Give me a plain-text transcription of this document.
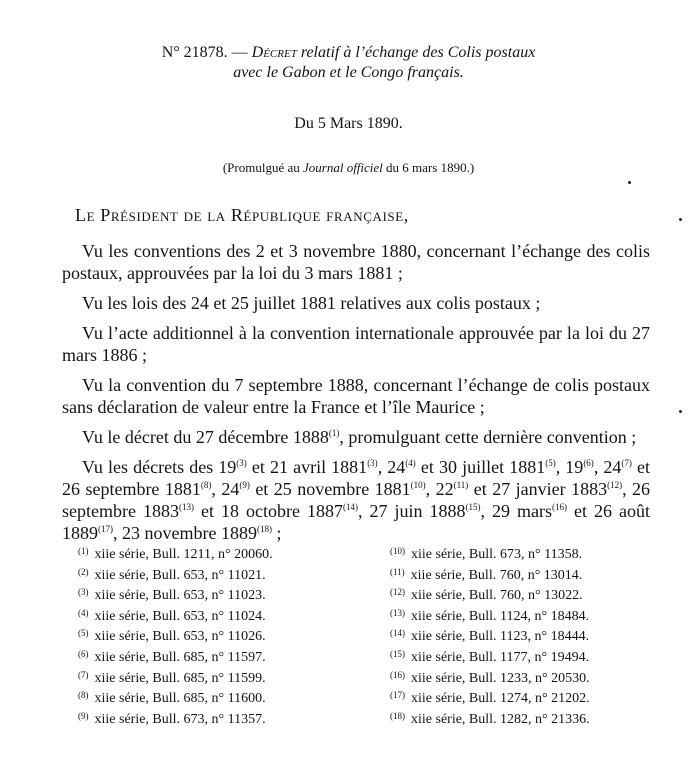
N° 21878. — Décret relatif à l’échange des Colis postaux
avec le Gabon et le Congo français.
Du 5 Mars 1890.
(Promulgué au Journal officiel du 6 mars 1890.)
Le Président de la République française,

Vu les conventions des 2 et 3 novembre 1880, concernant l’échange des colis postaux, approuvées par la loi du 3 mars 1881 ;

Vu les lois des 24 et 25 juillet 1881 relatives aux colis postaux ;

Vu l’acte additionnel à la convention internationale approuvée par la loi du 27 mars 1886 ;

Vu la convention du 7 septembre 1888, concernant l’échange de colis postaux sans déclaration de valeur entre la France et l’île Maurice ;

Vu le décret du 27 décembre 1888$^{(1)}$, promulguant cette dernière convention ;

Vu les décrets des 19$^{(3)}$ et 21 avril 1881$^{(3)}$, 24$^{(4)}$ et 30 juillet 1881$^{(5)}$, 19$^{(6)}$, 24$^{(7)}$ et 26 septembre 1881$^{(8)}$, 24$^{(9)}$ et 25 novembre 1881$^{(10)}$, 22$^{(11)}$ et 27 janvier 1883$^{(12)}$, 26 septembre 1883$^{(13)}$ et 18 octobre 1887$^{(14)}$, 27 juin 1888$^{(15)}$, 29 mars$^{(16)}$ et 26 août 1889$^{(17)}$, 23 novembre 1889$^{(18)}$ ;

$^{(1)}$ xiie série, Bull. 1211, n° 20060.
$^{(2)}$ xiie série, Bull. 653, n° 11021.
$^{(3)}$ xiie série, Bull. 653, n° 11023.
$^{(4)}$ xiie série, Bull. 653, n° 11024.
$^{(5)}$ xiie série, Bull. 653, n° 11026.
$^{(6)}$ xiie série, Bull. 685, n° 11597.
$^{(7)}$ xiie série, Bull. 685, n° 11599.
$^{(8)}$ xiie série, Bull. 685, n° 11600.
$^{(9)}$ xiie série, Bull. 673, n° 11357.
$^{(10)}$ xiie série, Bull. 673, n° 11358.
$^{(11)}$ xiie série, Bull. 760, n° 13014.
$^{(12)}$ xiie série, Bull. 760, n° 13022.
$^{(13)}$ xiie série, Bull. 1124, n° 18484.
$^{(14)}$ xiie série, Bull. 1123, n° 18444.
$^{(15)}$ xiie série, Bull. 1177, n° 19494.
$^{(16)}$ xiie série, Bull. 1233, n° 20530.
$^{(17)}$ xiie série, Bull. 1274, n° 21202.
$^{(18)}$ xiie série, Bull. 1282, n° 21336.
